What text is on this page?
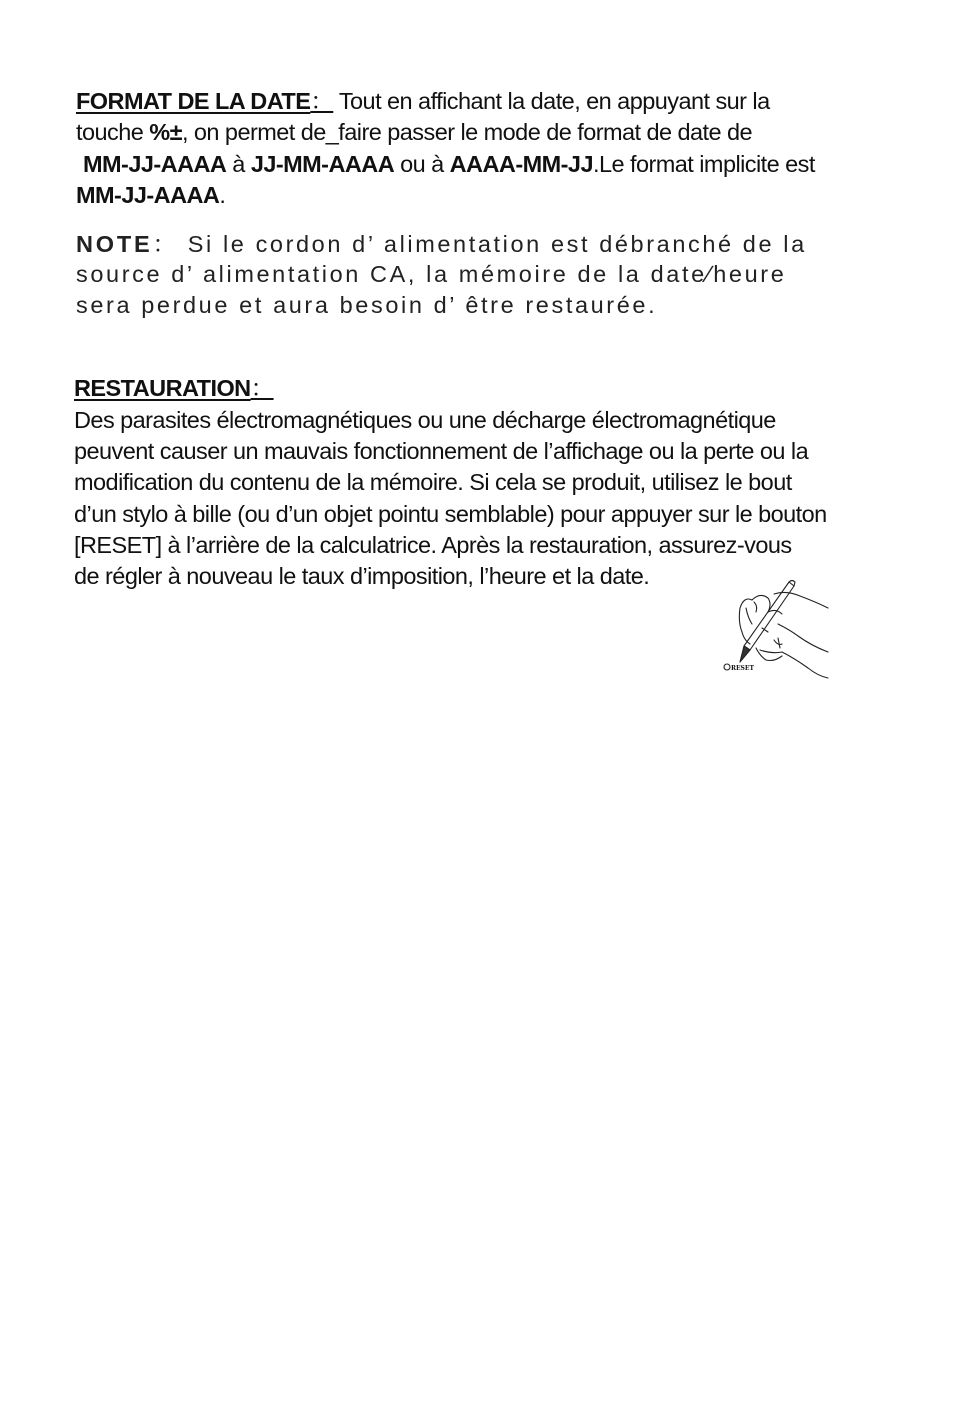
FORMAT DE LA DATE： Tout en affichant la date, en appuyant sur la
touche %±, on permet de_faire passer le mode de format de date de
MM-JJ-AAAA à JJ-MM-AAAA ou à AAAA-MM-JJ.Le format implicite est
MM-JJ-AAAA.
NOTE： Si le cordon d’ alimentation est débranché de la
source d’ alimentation CA, la mémoire de la date∕heure
sera perdue et aura besoin d’ être restaurée.
RESTAURATION：
Des parasites électromagnétiques ou une décharge électromagnétique
peuvent causer un mauvais fonctionnement de l’affichage ou la perte ou la
modification du contenu de la mémoire. Si cela se produit, utilisez le bout
d’un stylo à bille (ou d’un objet pointu semblable) pour appuyer sur le bouton
[RESET] à l’arrière de la calculatrice. Après la restauration, assurez-vous
de régler à nouveau le taux d’imposition, l’heure et la date.
RESET
